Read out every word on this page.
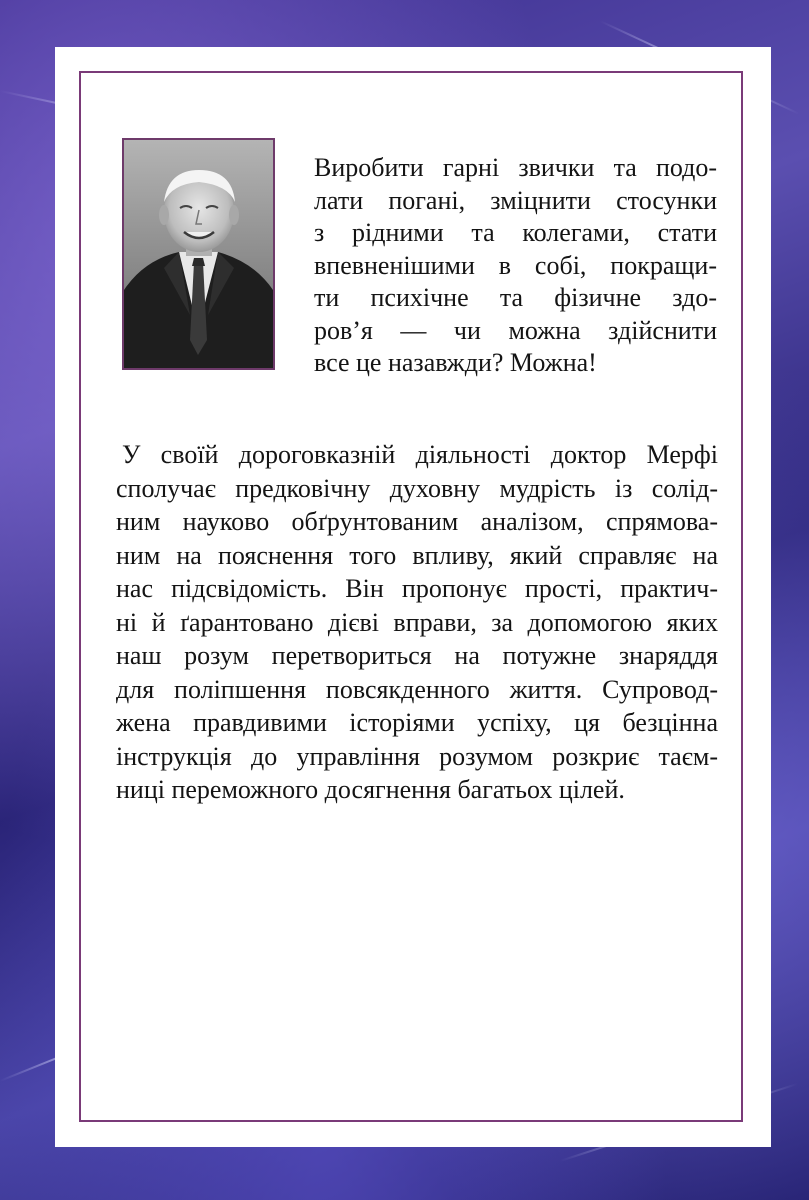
Виробити гарні звички та подо-
лати погані, зміцнити стосунки
з рідними та колегами, стати
впевненішими в собі, покращи-
ти психічне та фізичне здо-
ров’я — чи можна здійснити
все це назавжди? Можна!

У своїй дороговказній діяльності доктор Мерфі
сполучає предковічну духовну мудрість із солід-
ним науково обґрунтованим аналізом, спрямова-
ним на пояснення того впливу, який справляє на
нас підсвідомість. Він пропонує прості, практич-
ні й ґарантовано дієві вправи, за допомогою яких
наш розум перетвориться на потужне знаряддя
для поліпшення повсякденного життя. Супровод-
жена правдивими історіями успіху, ця безцінна
інструкція до управління розумом розкриє таєм-
ниці переможного досягнення багатьох цілей.
